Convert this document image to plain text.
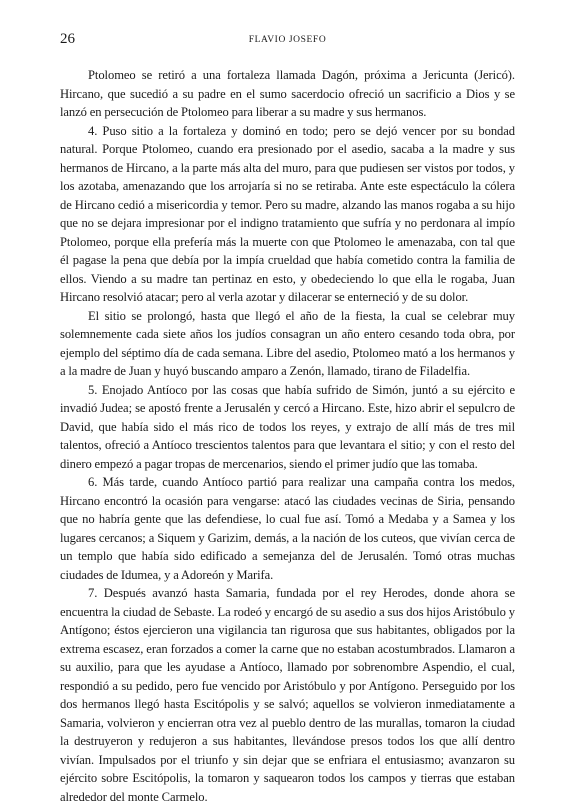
26	FLAVIO JOSEFO

Ptolomeo se retiró a una fortaleza llamada Dagón, próxima a Jericunta (Jericó). Hircano, que sucedió a su padre en el sumo sacerdocio ofreció un sacrificio a Dios y se lanzó en persecución de Ptolomeo para liberar a su madre y sus hermanos.

4. Puso sitio a la fortaleza y dominó en todo; pero se dejó vencer por su bondad natural. Porque Ptolomeo, cuando era presionado por el asedio, sacaba a la madre y sus hermanos de Hircano, a la parte más alta del muro, para que pudiesen ser vistos por todos, y los azotaba, amenazando que los arrojaría si no se retiraba. Ante este espectáculo la cólera de Hircano cedió a misericordia y temor. Pero su madre, alzando las manos rogaba a su hijo que no se dejara impresionar por el indigno tratamiento que sufría y no perdonara al impío Ptolomeo, porque ella prefería más la muerte con que Ptolomeo le amenazaba, con tal que él pagase la pena que debía por la impía crueldad que había cometido contra la familia de ellos. Viendo a su madre tan pertinaz en esto, y obedeciendo lo que ella le rogaba, Juan Hircano resolvió atacar; pero al verla azotar y dilacerar se enterneció y de su dolor.

El sitio se prolongó, hasta que llegó el año de la fiesta, la cual se celebrar muy solemnemente cada siete años los judíos consagran un año entero cesando toda obra, por ejemplo del séptimo día de cada semana. Libre del asedio, Ptolomeo mató a los hermanos y a la madre de Juan y huyó buscando amparo a Zenón, llamado, tirano de Filadelfia.

5. Enojado Antíoco por las cosas que había sufrido de Simón, juntó a su ejército e invadió Judea; se apostó frente a Jerusalén y cercó a Hircano. Este, hizo abrir el sepulcro de David, que había sido el más rico de todos los reyes, y extrajo de allí más de tres mil talentos, ofreció a Antíoco trescientos talentos para que levantara el sitio; y con el resto del dinero empezó a pagar tropas de mercenarios, siendo el primer judío que las tomaba.

6. Más tarde, cuando Antíoco partió para realizar una campaña contra los medos, Hircano encontró la ocasión para vengarse: atacó las ciudades vecinas de Siria, pensando que no habría gente que las defendiese, lo cual fue así. Tomó a Medaba y a Samea y los lugares cercanos; a Siquem y Garizim, demás, a la nación de los cuteos, que vivían cerca de un templo que había sido edificado a semejanza del de Jerusalén. Tomó otras muchas ciudades de Idumea, y a Adoreón y Marifa.

7. Después avanzó hasta Samaria, fundada por el rey Herodes, donde ahora se encuentra la ciudad de Sebaste. La rodeó y encargó de su asedio a sus dos hijos Aristóbulo y Antígono; éstos ejercieron una vigilancia tan rigurosa que sus habitantes, obligados por la extrema escasez, eran forzados a comer la carne que no estaban acostumbrados. Llamaron a su auxilio, para que les ayudase a Antíoco, llamado por sobrenombre Aspendio, el cual, respondió a su pedido, pero fue vencido por Aristóbulo y por Antígono. Perseguido por los dos hermanos llegó hasta Escitópolis y se salvó; aquellos se volvieron inmediatamente a Samaria, volvieron y encierran otra vez al pueblo dentro de las murallas, tomaron la ciudad la destruyeron y redujeron a sus habitantes, llevándose presos todos los que allí dentro vivían. Impulsados por el triunfo y sin dejar que se enfriara el entusiasmo; avanzaron su ejército sobre Escitópolis, la tomaron y saquearon todos los campos y tierras que estaban alrededor del monte Carmelo.
